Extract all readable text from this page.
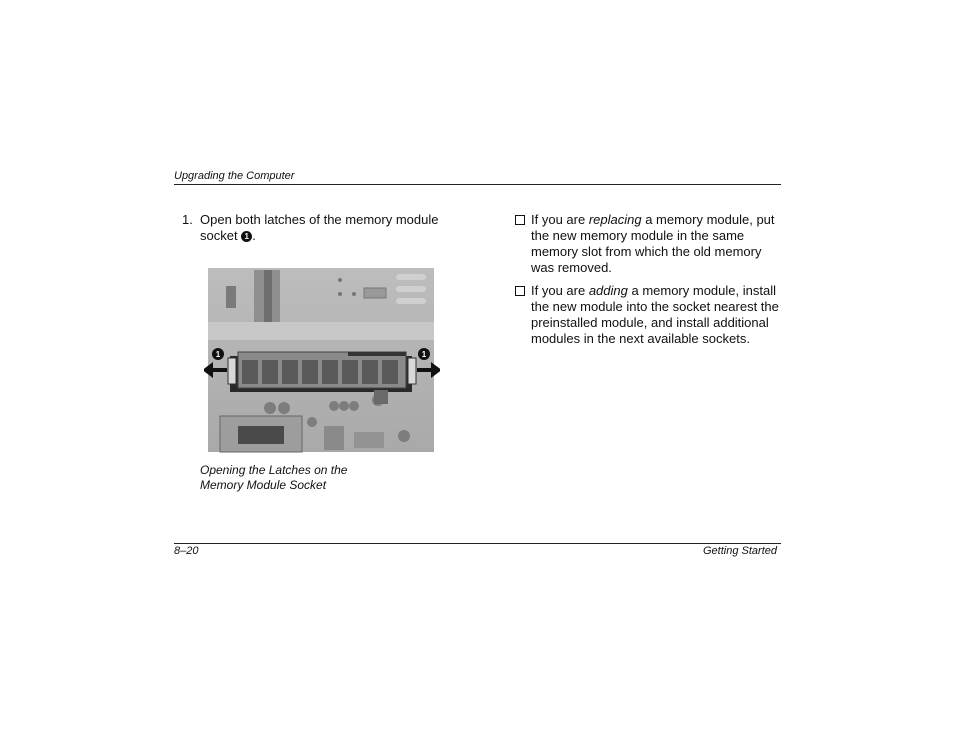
Upgrading the Computer
1. Open both latches of the memory module
socket 1 .
1	1
Opening the Latches on the
Memory Module Socket
If you are replacing a memory module, put the new memory module in the same memory slot from which the old memory was removed.
If you are adding a memory module, install the new module into the socket nearest the preinstalled module, and install additional modules in the next available sockets.
8–20	Getting Started
